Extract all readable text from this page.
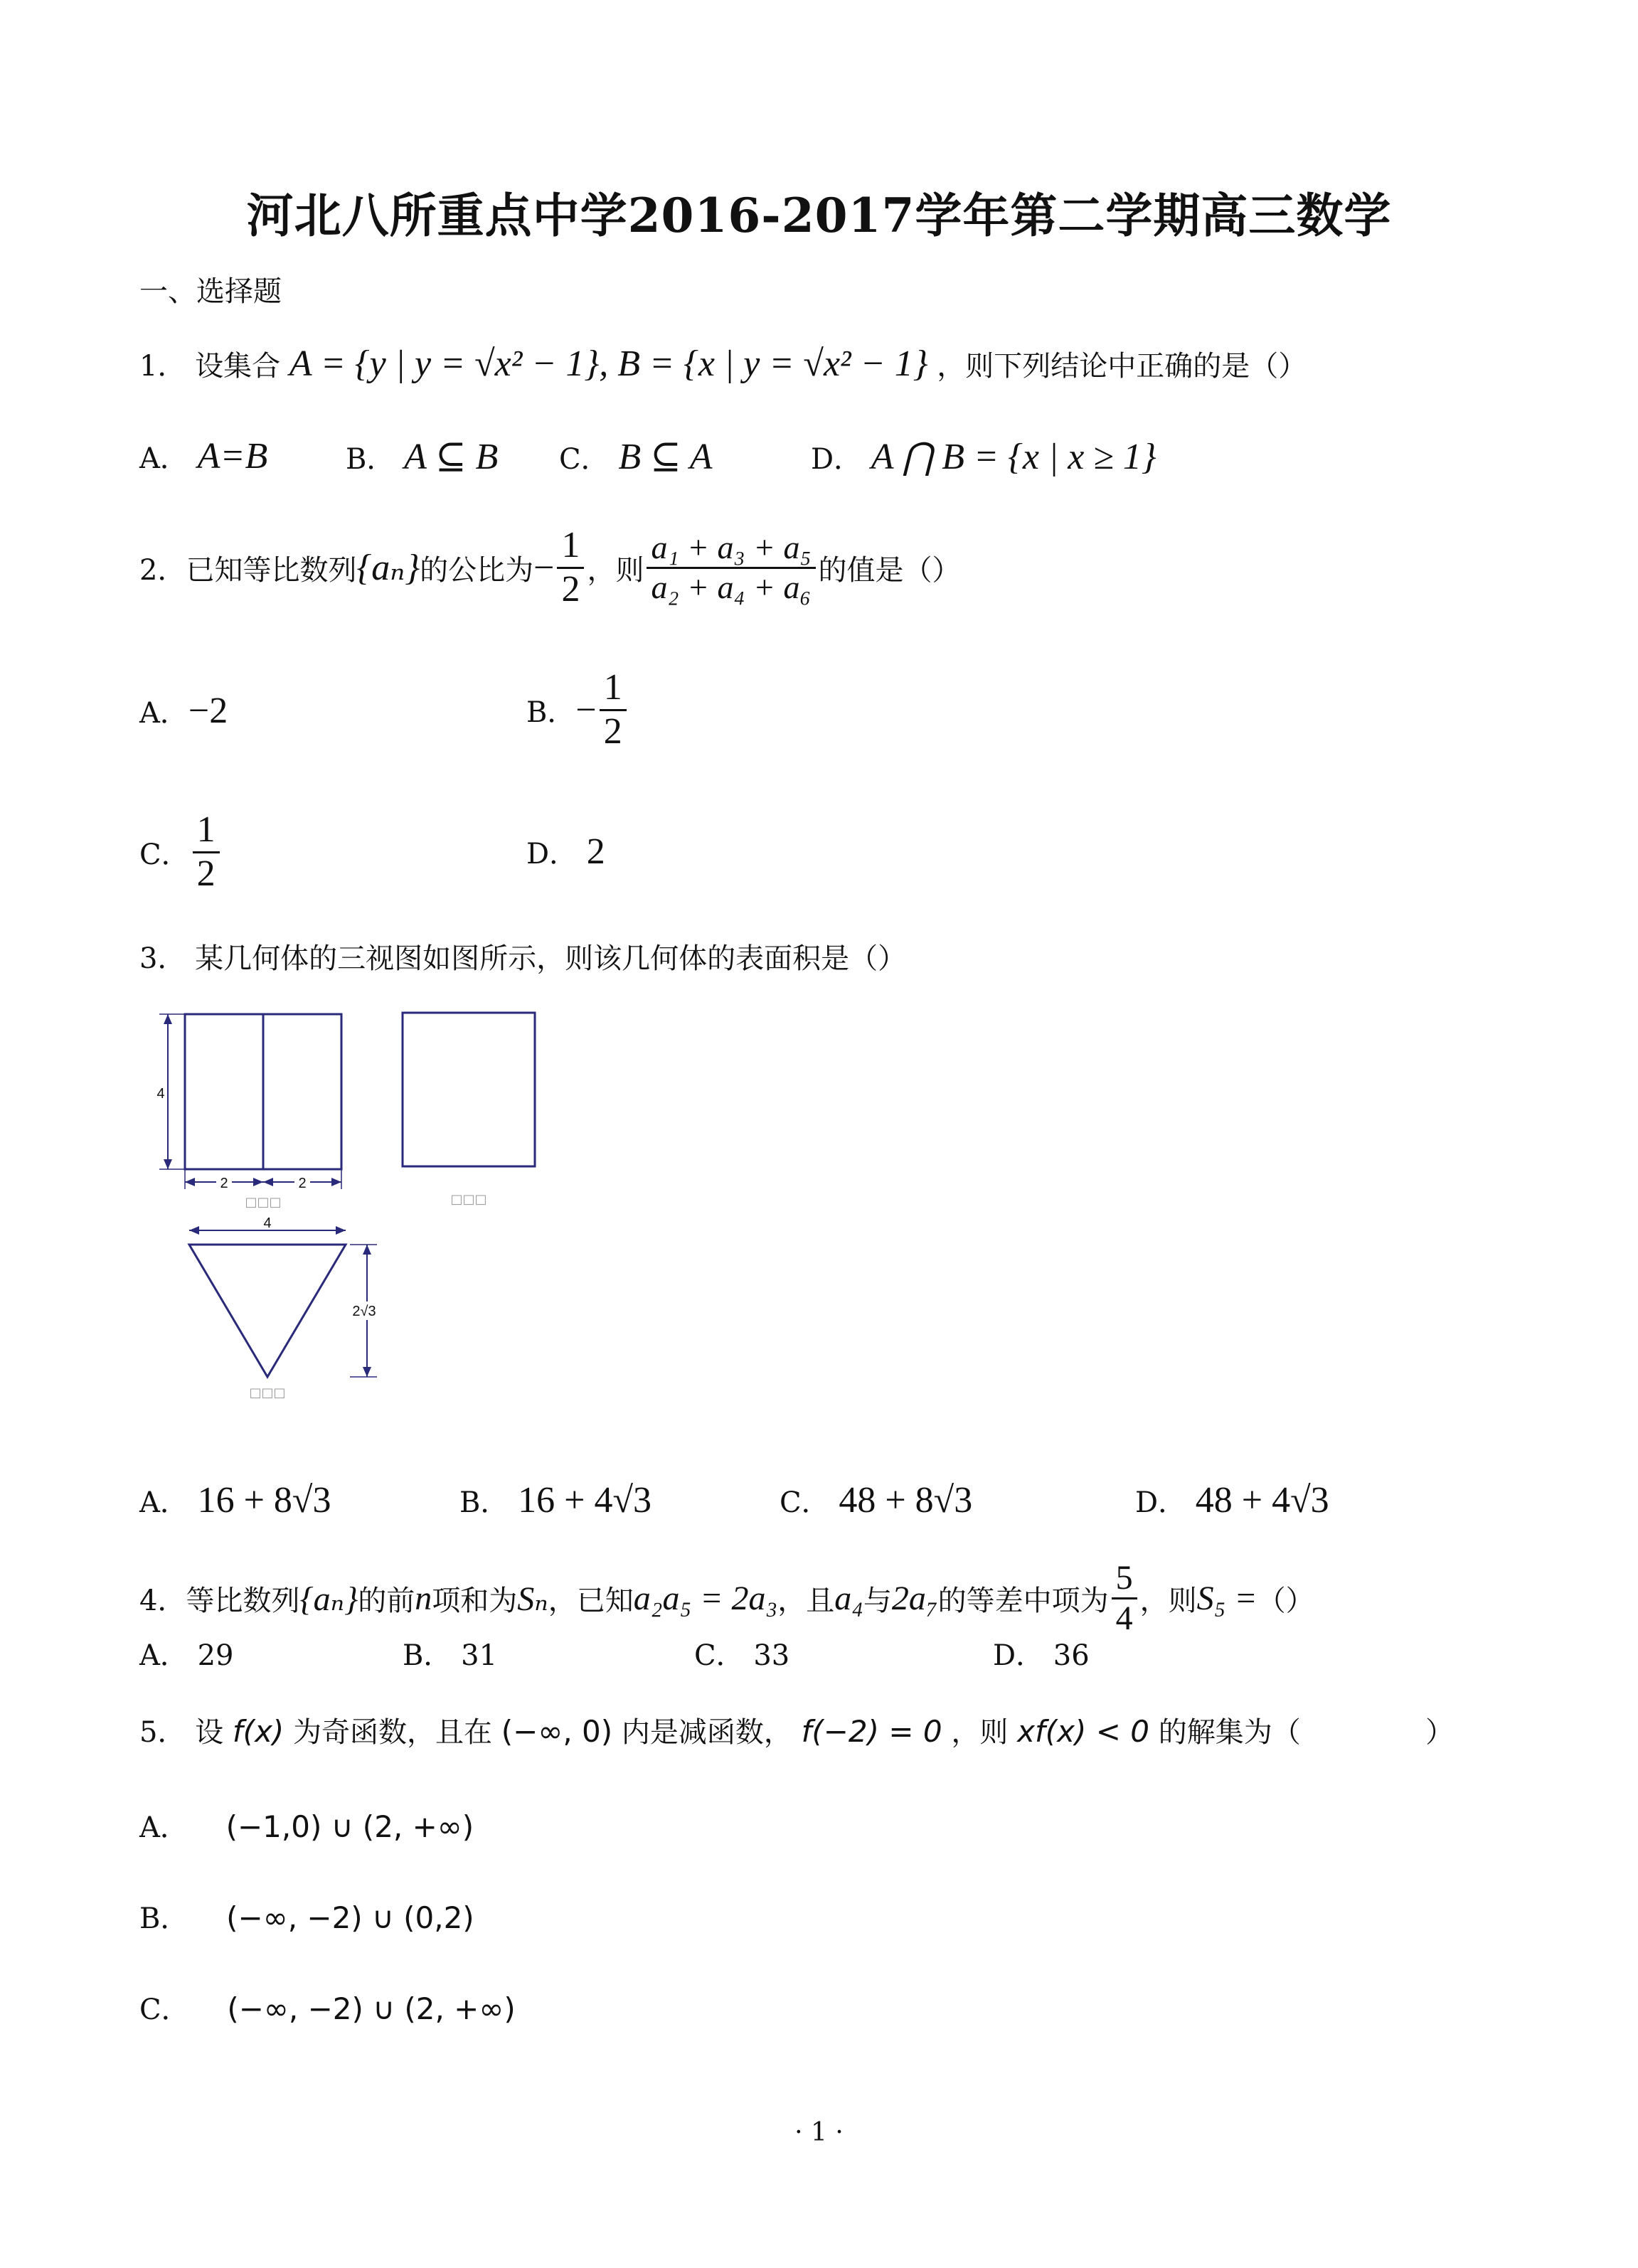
河北八所重点中学2016-2017学年第二学期高三数学
一、选择题
1． 设集合 A = {y | y = √x² − 1}, B = {x | y = √x² − 1} ，则下列结论中正确的是（）
A． A=B	B． A ⊆ B C． B ⊆ A	D． A ⋂ B = {x | x ≥ 1}
2． 已知等比数列 {aₙ} 的公比为 − $\frac{1}{2}$ ，则 $\frac{\text{a₁ + a₃ + a₅}}{\text{a₂ + a₄ + a₆}}$ 的值是（）
A． −2	B． − $\frac{1}{2}$
C． $\frac{1}{2}$	D． 2
3． 某几何体的三视图如图所示，则该几何体的表面积是（）
4
2	2
□□□	□□□
4
2√3
□□□
A． 16 + 8√3	B． 16 + 4√3	C． 48 + 8√3	D． 48 + 4√3
4． 等比数列 {aₙ} 的前 n 项和为 Sₙ ，已知 a₂a₅ = 2a₃ ，且 a₄ 与 2a₇ 的等差中项为 $\frac{5}{4}$ ，则 S₅ = （）
A． 29	B． 31	C． 33	D． 36
5． 设 f(x) 为奇函数，且在 (−∞, 0) 内是减函数， f(−2) = 0 ，则 xf(x) < 0 的解集为（	）
A． (−1,0) ∪ (2, +∞)
B． (−∞, −2) ∪ (0,2)
C． (−∞, −2) ∪ (2, +∞)
· 1 ·
